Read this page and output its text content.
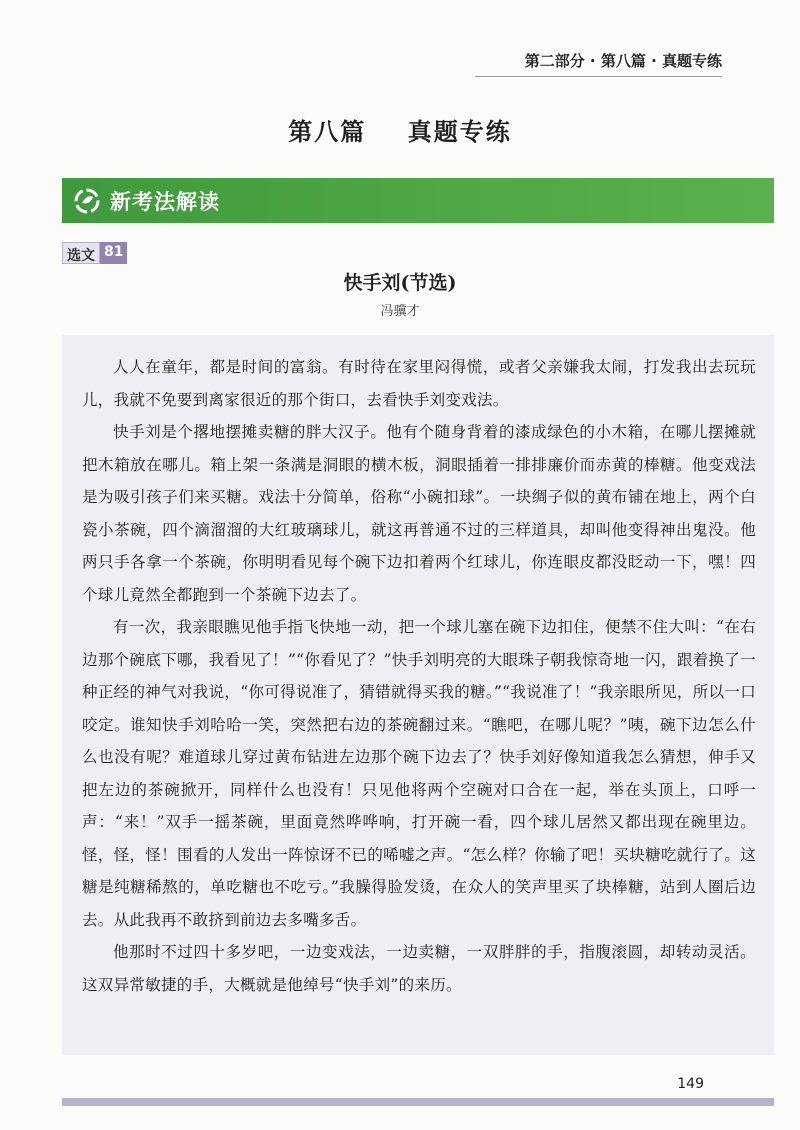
第二部分 · 第八篇 · 真题专练
第八篇    真题专练
新考法解读
选文 81
快手刘(节选)
冯骥才

人人在童年，都是时间的富翁。有时待在家里闷得慌，或者父亲嫌我太闹，打发我出去玩玩儿，我就不免要到离家很近的那个街口，去看快手刘变戏法。

快手刘是个撂地摆摊卖糖的胖大汉子。他有个随身背着的漆成绿色的小木箱，在哪儿摆摊就把木箱放在哪儿。箱上架一条满是洞眼的横木板，洞眼插着一排排廉价而赤黄的棒糖。他变戏法是为吸引孩子们来买糖。戏法十分简单，俗称“小碗扣球”。一块绸子似的黄布铺在地上，两个白瓷小茶碗，四个滴溜溜的大红玻璃球儿，就这再普通不过的三样道具，却叫他变得神出鬼没。他两只手各拿一个茶碗，你明明看见每个碗下边扣着两个红球儿，你连眼皮都没眨动一下，嘿！四个球儿竟然全都跑到一个茶碗下边去了。

有一次，我亲眼瞧见他手指飞快地一动，把一个球儿塞在碗下边扣住，便禁不住大叫：“在右边那个碗底下哪，我看见了！”“你看见了？”快手刘明亮的大眼珠子朝我惊奇地一闪，跟着换了一种正经的神气对我说，“你可得说准了，猜错就得买我的糖。”“我说准了！”我亲眼所见，所以一口咬定。谁知快手刘哈哈一笑，突然把右边的茶碗翻过来。“瞧吧，在哪儿呢？”咦，碗下边怎么什么也没有呢？难道球儿穿过黄布钻进左边那个碗下边去了？快手刘好像知道我怎么猜想，伸手又把左边的茶碗掀开，同样什么也没有！只见他将两个空碗对口合在一起，举在头顶上，口呼一声：“来！”双手一摇茶碗，里面竟然哗哗响，打开碗一看，四个球儿居然又都出现在碗里边。怪，怪，怪！围看的人发出一阵惊讶不已的唏嘘之声。“怎么样？你输了吧！买块糖吃就行了。这糖是纯糖稀熬的，单吃糖也不吃亏。”我臊得脸发烫，在众人的笑声里买了块棒糖，站到人圈后边去。从此我再不敢挤到前边去多嘴多舌。

他那时不过四十多岁吧，一边变戏法，一边卖糖，一双胖胖的手，指腹滚圆，却转动灵活。这双异常敏捷的手，大概就是他绰号“快手刘”的来历。

149
